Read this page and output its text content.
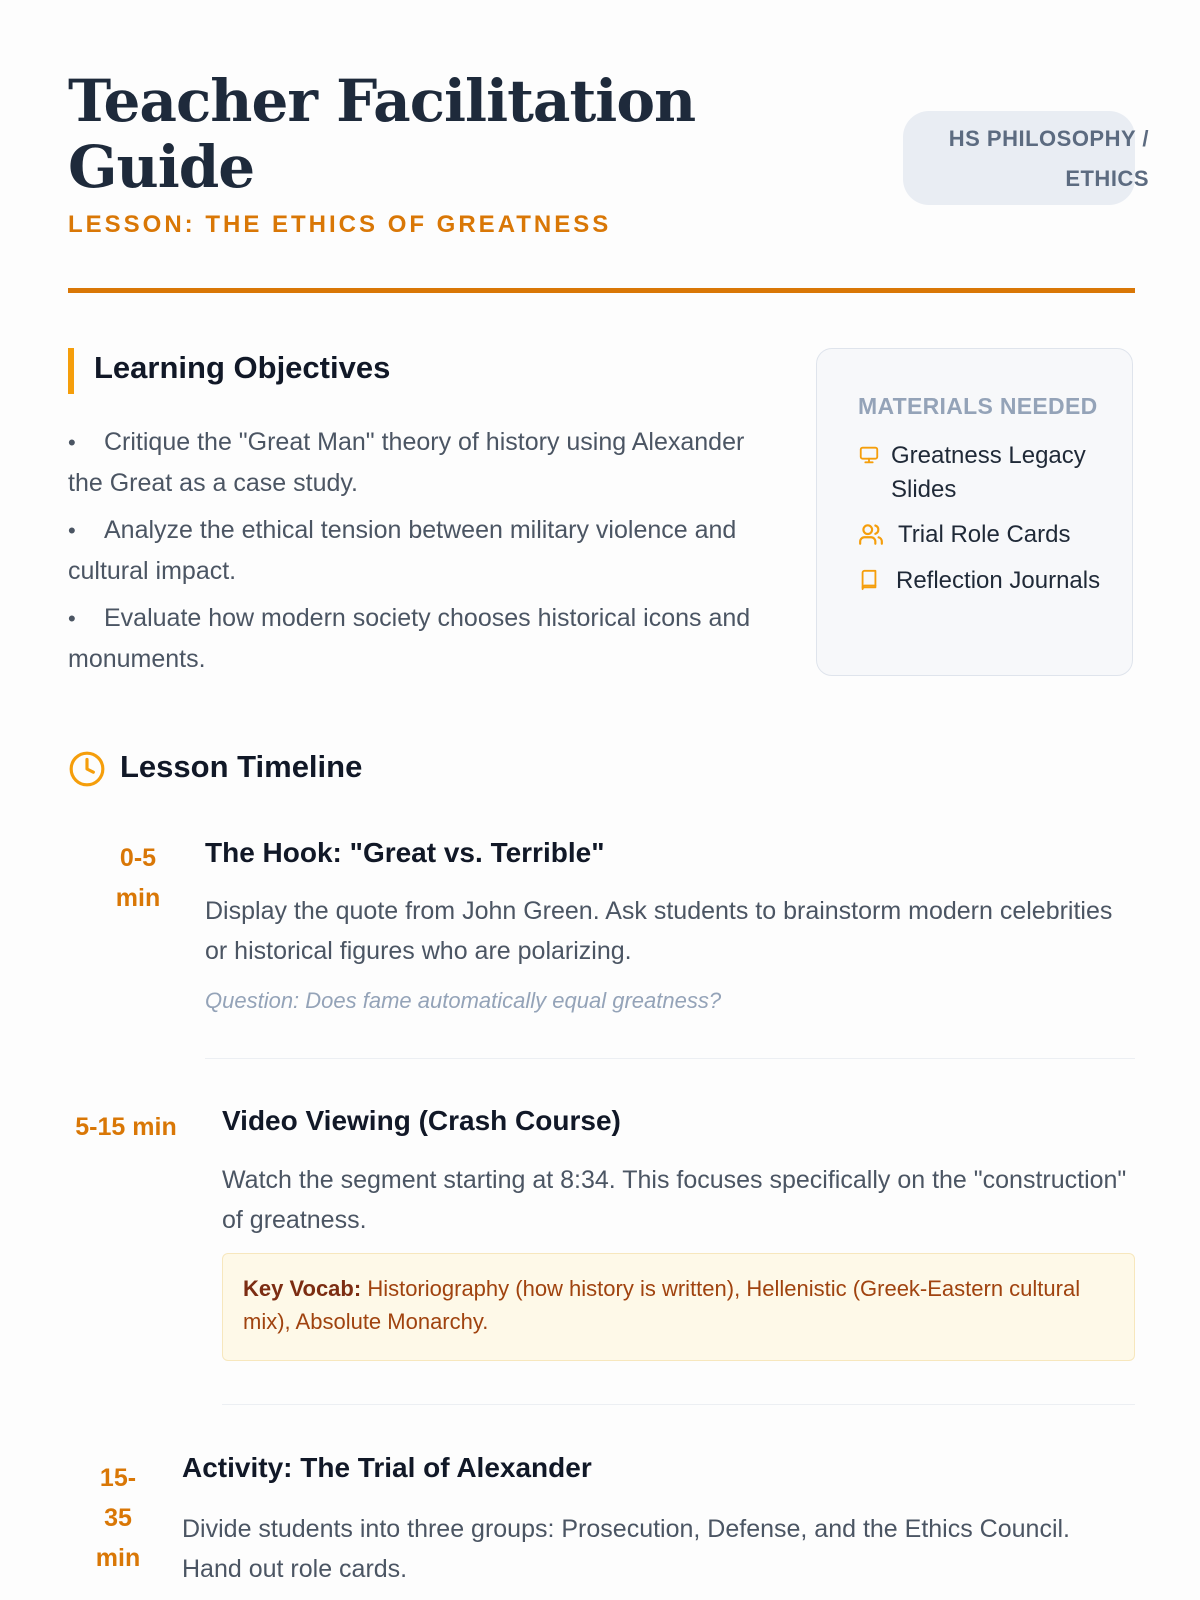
Teacher Facilitation Guide

LESSON: THE ETHICS OF GREATNESS

HS PHILOSOPHY / ETHICS
Learning Objectives
• Critique the "Great Man" theory of history using Alexander the Great as a case study.
• Analyze the ethical tension between military violence and cultural impact.
• Evaluate how modern society chooses historical icons and monuments.

MATERIALS NEEDED

Greatness Legacy Slides
Trial Role Cards
Reflection Journals
Lesson Timeline
0-5 min
The Hook: "Great vs. Terrible"

Display the quote from John Green. Ask students to brainstorm modern celebrities or historical figures who are polarizing.

Question: Does fame automatically equal greatness?

5-15 min Video Viewing (Crash Course)

Watch the segment starting at 8:34. This focuses specifically on the "construction" of greatness.

Key Vocab: Historiography (how history is written), Hellenistic (Greek-Eastern cultural mix), Absolute Monarchy.
15-35 min
Activity: The Trial of Alexander

Divide students into three groups: Prosecution, Defense, and the Ethics Council. Hand out role cards.
